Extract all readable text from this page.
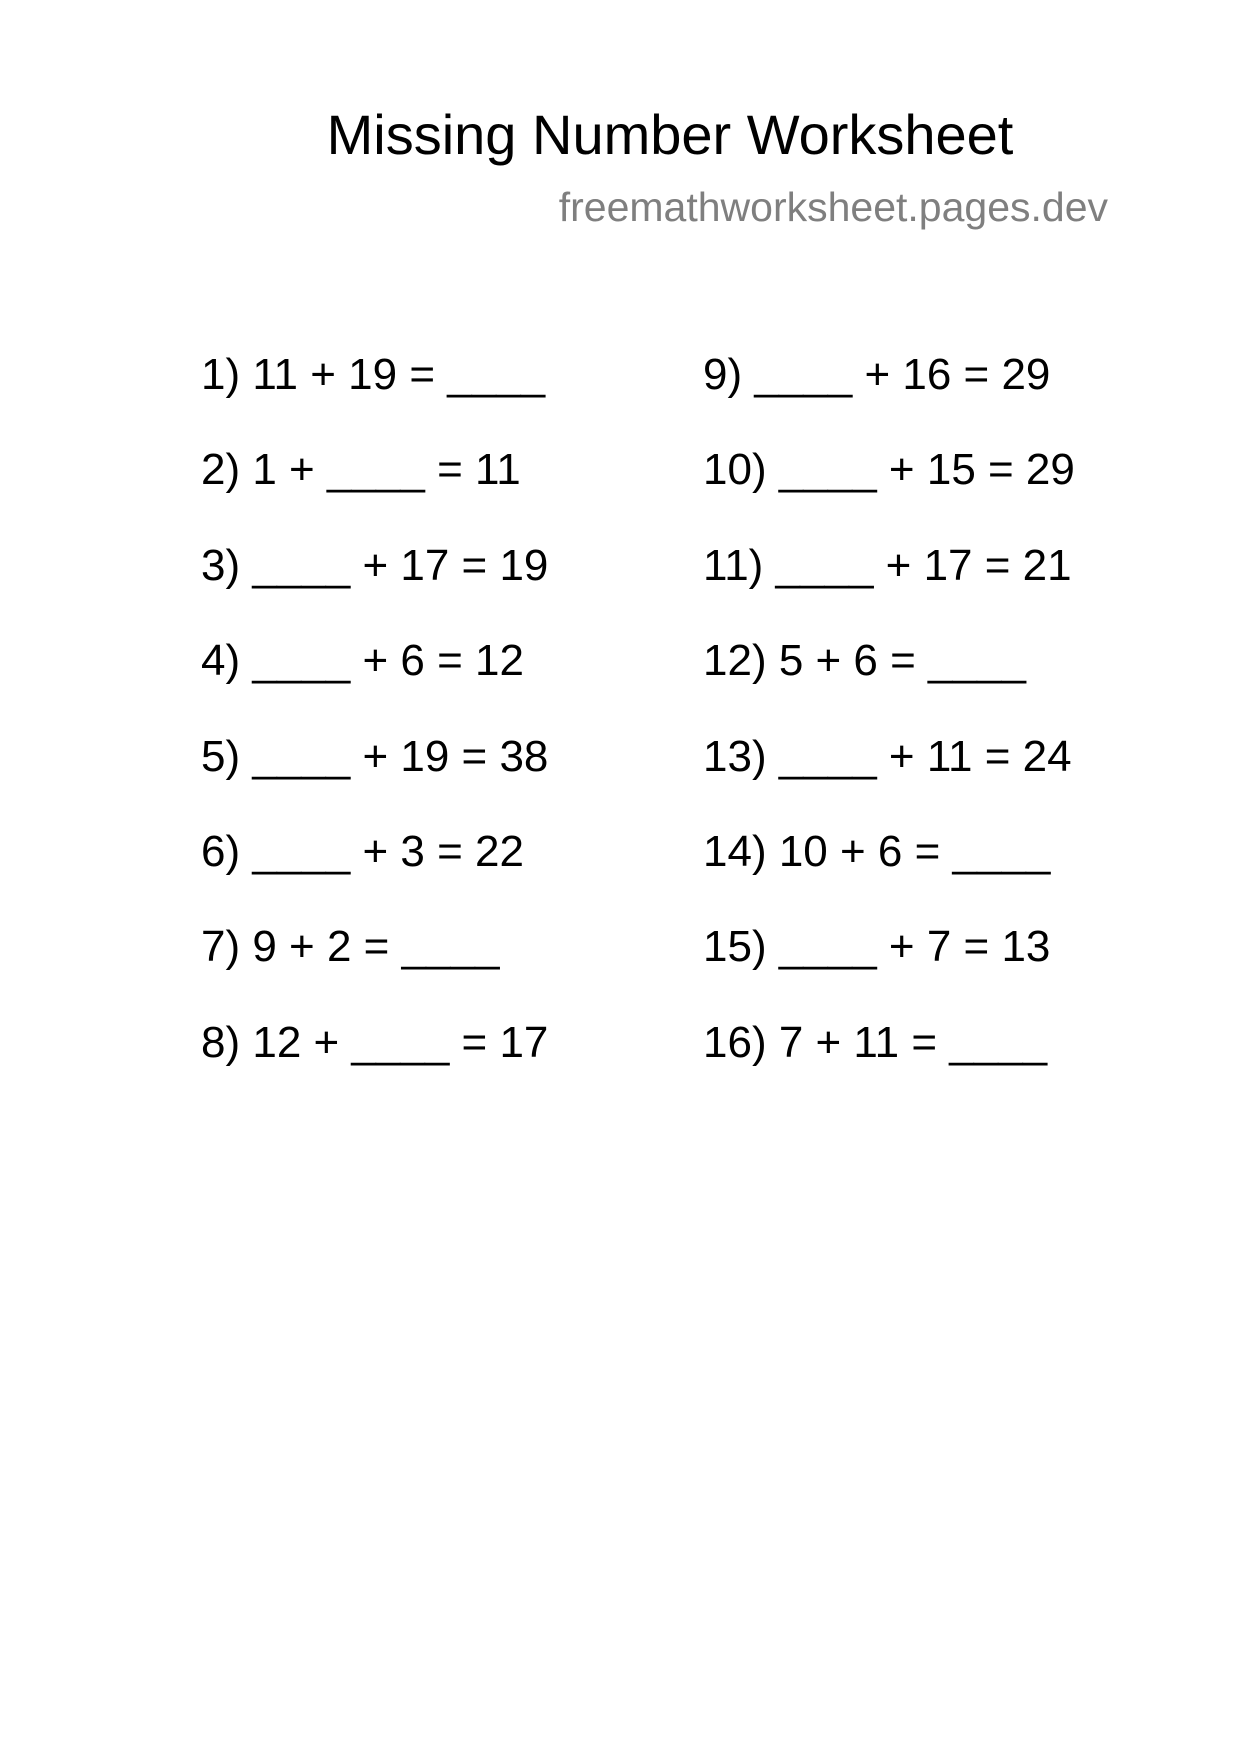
Missing Number Worksheet
freemathworksheet.pages.dev
1) 11 + 19 = ____
2) 1 + ____ = 11
3) ____ + 17 = 19
4) ____ + 6 = 12
5) ____ + 19 = 38
6) ____ + 3 = 22
7) 9 + 2 = ____
8) 12 + ____ = 17
9) ____ + 16 = 29
10) ____ + 15 = 29
11) ____ + 17 = 21
12) 5 + 6 = ____
13) ____ + 11 = 24
14) 10 + 6 = ____
15) ____ + 7 = 13
16) 7 + 11 = ____
